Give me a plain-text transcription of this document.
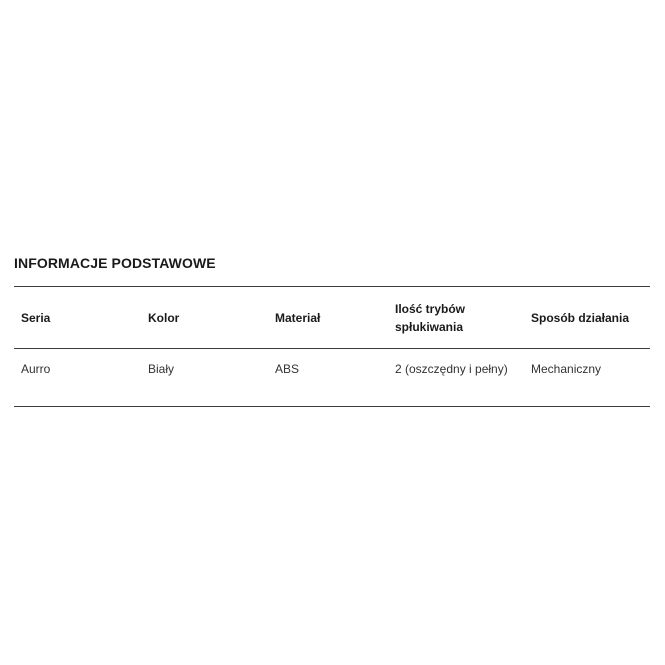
INFORMACJE PODSTAWOWE
Seria	Kolor	Materiał	Ilość trybów spłukiwania	Sposób działania
Aurro	Biały	ABS	2 (oszczędny i pełny)	Mechaniczny
